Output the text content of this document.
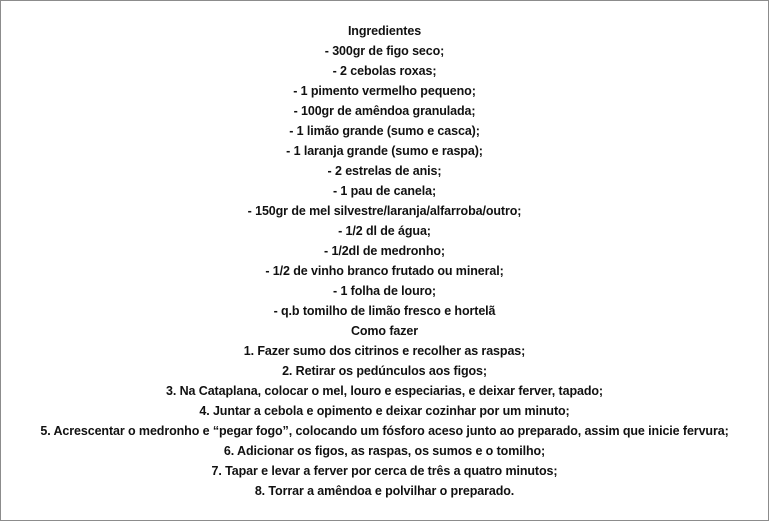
Ingredientes
- 300gr de figo seco;
- 2 cebolas roxas;
- 1 pimento vermelho pequeno;
- 100gr de amêndoa granulada;
- 1 limão grande (sumo e casca);
- 1 laranja grande (sumo e raspa);
- 2 estrelas de anis;
- 1 pau de canela;
- 150gr de mel silvestre/laranja/alfarroba/outro;
- 1/2 dl de água;
- 1/2dl de medronho;
- 1/2 de vinho branco frutado ou mineral;
- 1 folha de louro;
- q.b tomilho de limão fresco e hortelã
Como fazer
1. Fazer sumo dos citrinos e recolher as raspas;
2. Retirar os pedúnculos aos figos;
3. Na Cataplana, colocar o mel, louro e especiarias, e deixar ferver, tapado;
4. Juntar a cebola e opimento e deixar cozinhar por um minuto;
5. Acrescentar o medronho e “pegar fogo”, colocando um fósforo aceso junto ao preparado, assim que inicie fervura;
6. Adicionar os figos, as raspas, os sumos e o tomilho;
7. Tapar e levar a ferver por cerca de três a quatro minutos;
8. Torrar a amêndoa e polvilhar o preparado.
